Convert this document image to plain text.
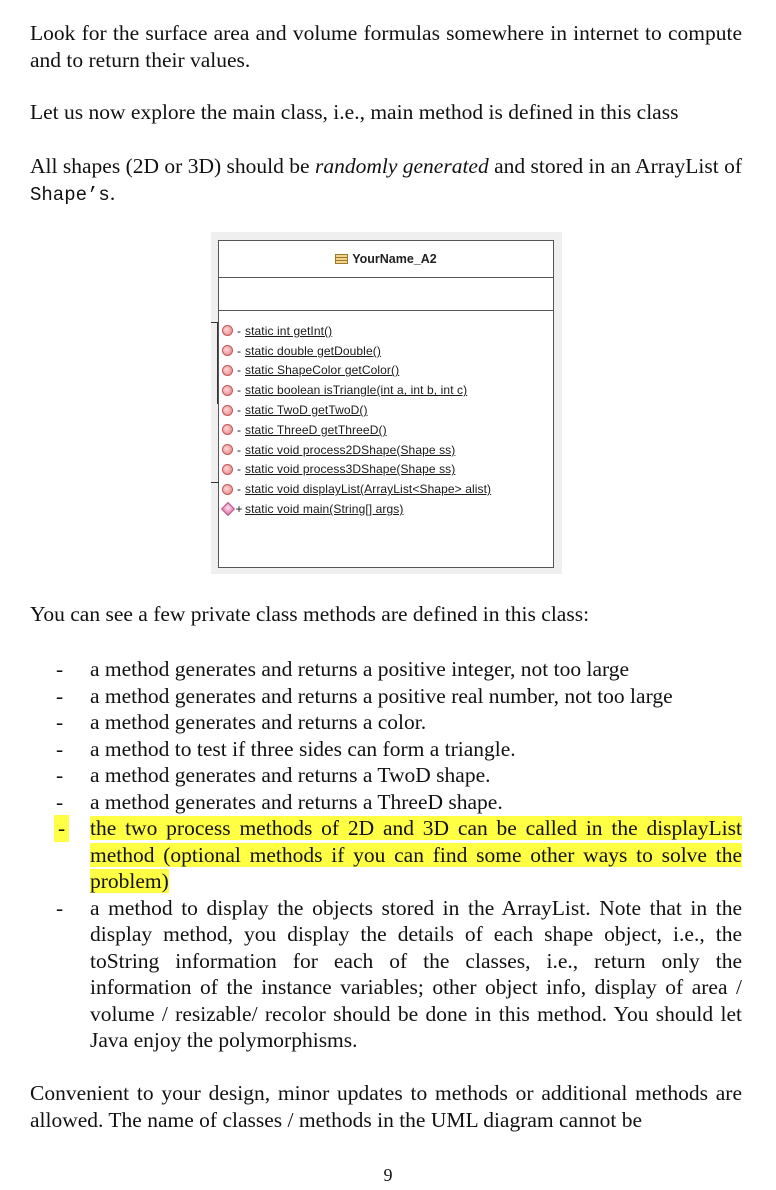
Look for the surface area and volume formulas somewhere in internet to compute and to return their values.

Let us now explore the main class, i.e., main method is defined in this class

All shapes (2D or 3D) should be randomly generated and stored in an ArrayList of Shape’s.

YourName_A2
- static int getInt()
- static double getDouble()
- static ShapeColor getColor()
- static boolean isTriangle(int a, int b, int c)
- static TwoD getTwoD()
- static ThreeD getThreeD()
- static void process2DShape(Shape ss)
- static void process3DShape(Shape ss)
- static void displayList(ArrayList<Shape> alist)
+ static void main(String[] args)

You can see a few private class methods are defined in this class:

- a method generates and returns a positive integer, not too large
- a method generates and returns a positive real number, not too large
- a method generates and returns a color.
- a method to test if three sides can form a triangle.
- a method generates and returns a TwoD shape.
- a method generates and returns a ThreeD shape.
- the two process methods of 2D and 3D can be called in the displayList method (optional methods if you can find some other ways to solve the problem)
- a method to display the objects stored in the ArrayList. Note that in the display method, you display the details of each shape object, i.e., the toString information for each of the classes, i.e., return only the information of the instance variables; other object info, display of area / volume / resizable/ recolor should be done in this method. You should let Java enjoy the polymorphisms.

Convenient to your design, minor updates to methods or additional methods are allowed. The name of classes / methods in the UML diagram cannot be

9
